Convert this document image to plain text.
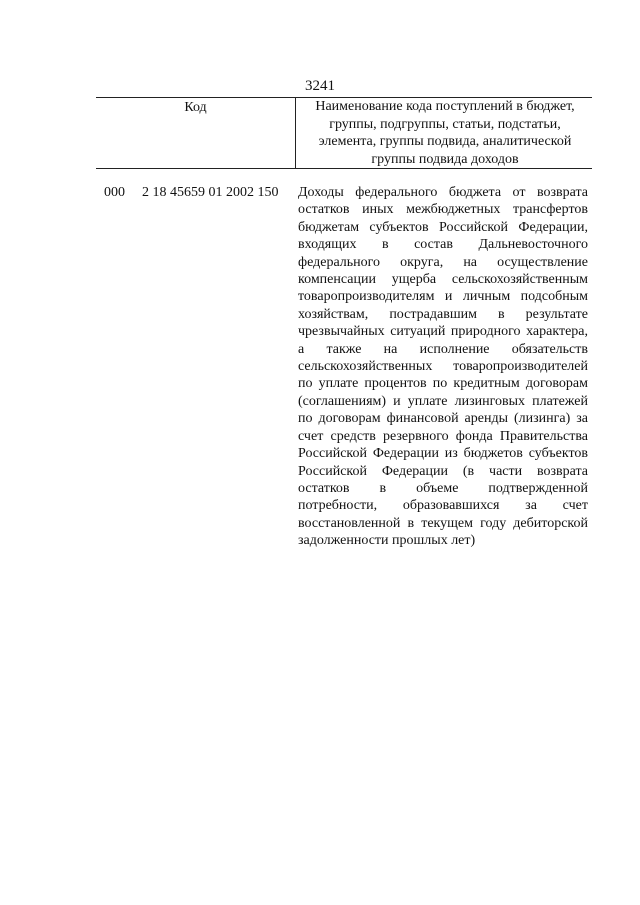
3241
Код	Наименование кода поступлений в бюджет, группы, подгруппы, статьи, подстатьи, элемента, группы подвида, аналитической группы подвида доходов
000 2 18 45659 01 2002 150 Доходы федерального бюджета от возврата остатков иных межбюджетных трансфертов бюджетам субъектов Российской Федерации, входящих в состав Дальневосточного федерального округа, на осуществление компенсации ущерба сельскохозяйственным товаропроизводителям и личным подсобным хозяйствам, пострадавшим в результате чрезвычайных ситуаций природного характера, а также на исполнение обязательств сельскохозяйственных товаропроизводителей по уплате процентов по кредитным договорам (соглашениям) и уплате лизинговых платежей по договорам финансовой аренды (лизинга) за счет средств резервного фонда Правительства Российской Федерации из бюджетов субъектов Российской Федерации (в части возврата остатков в объеме подтвержденной потребности, образовавшихся за счет восстановленной в текущем году дебиторской задолженности прошлых лет)
